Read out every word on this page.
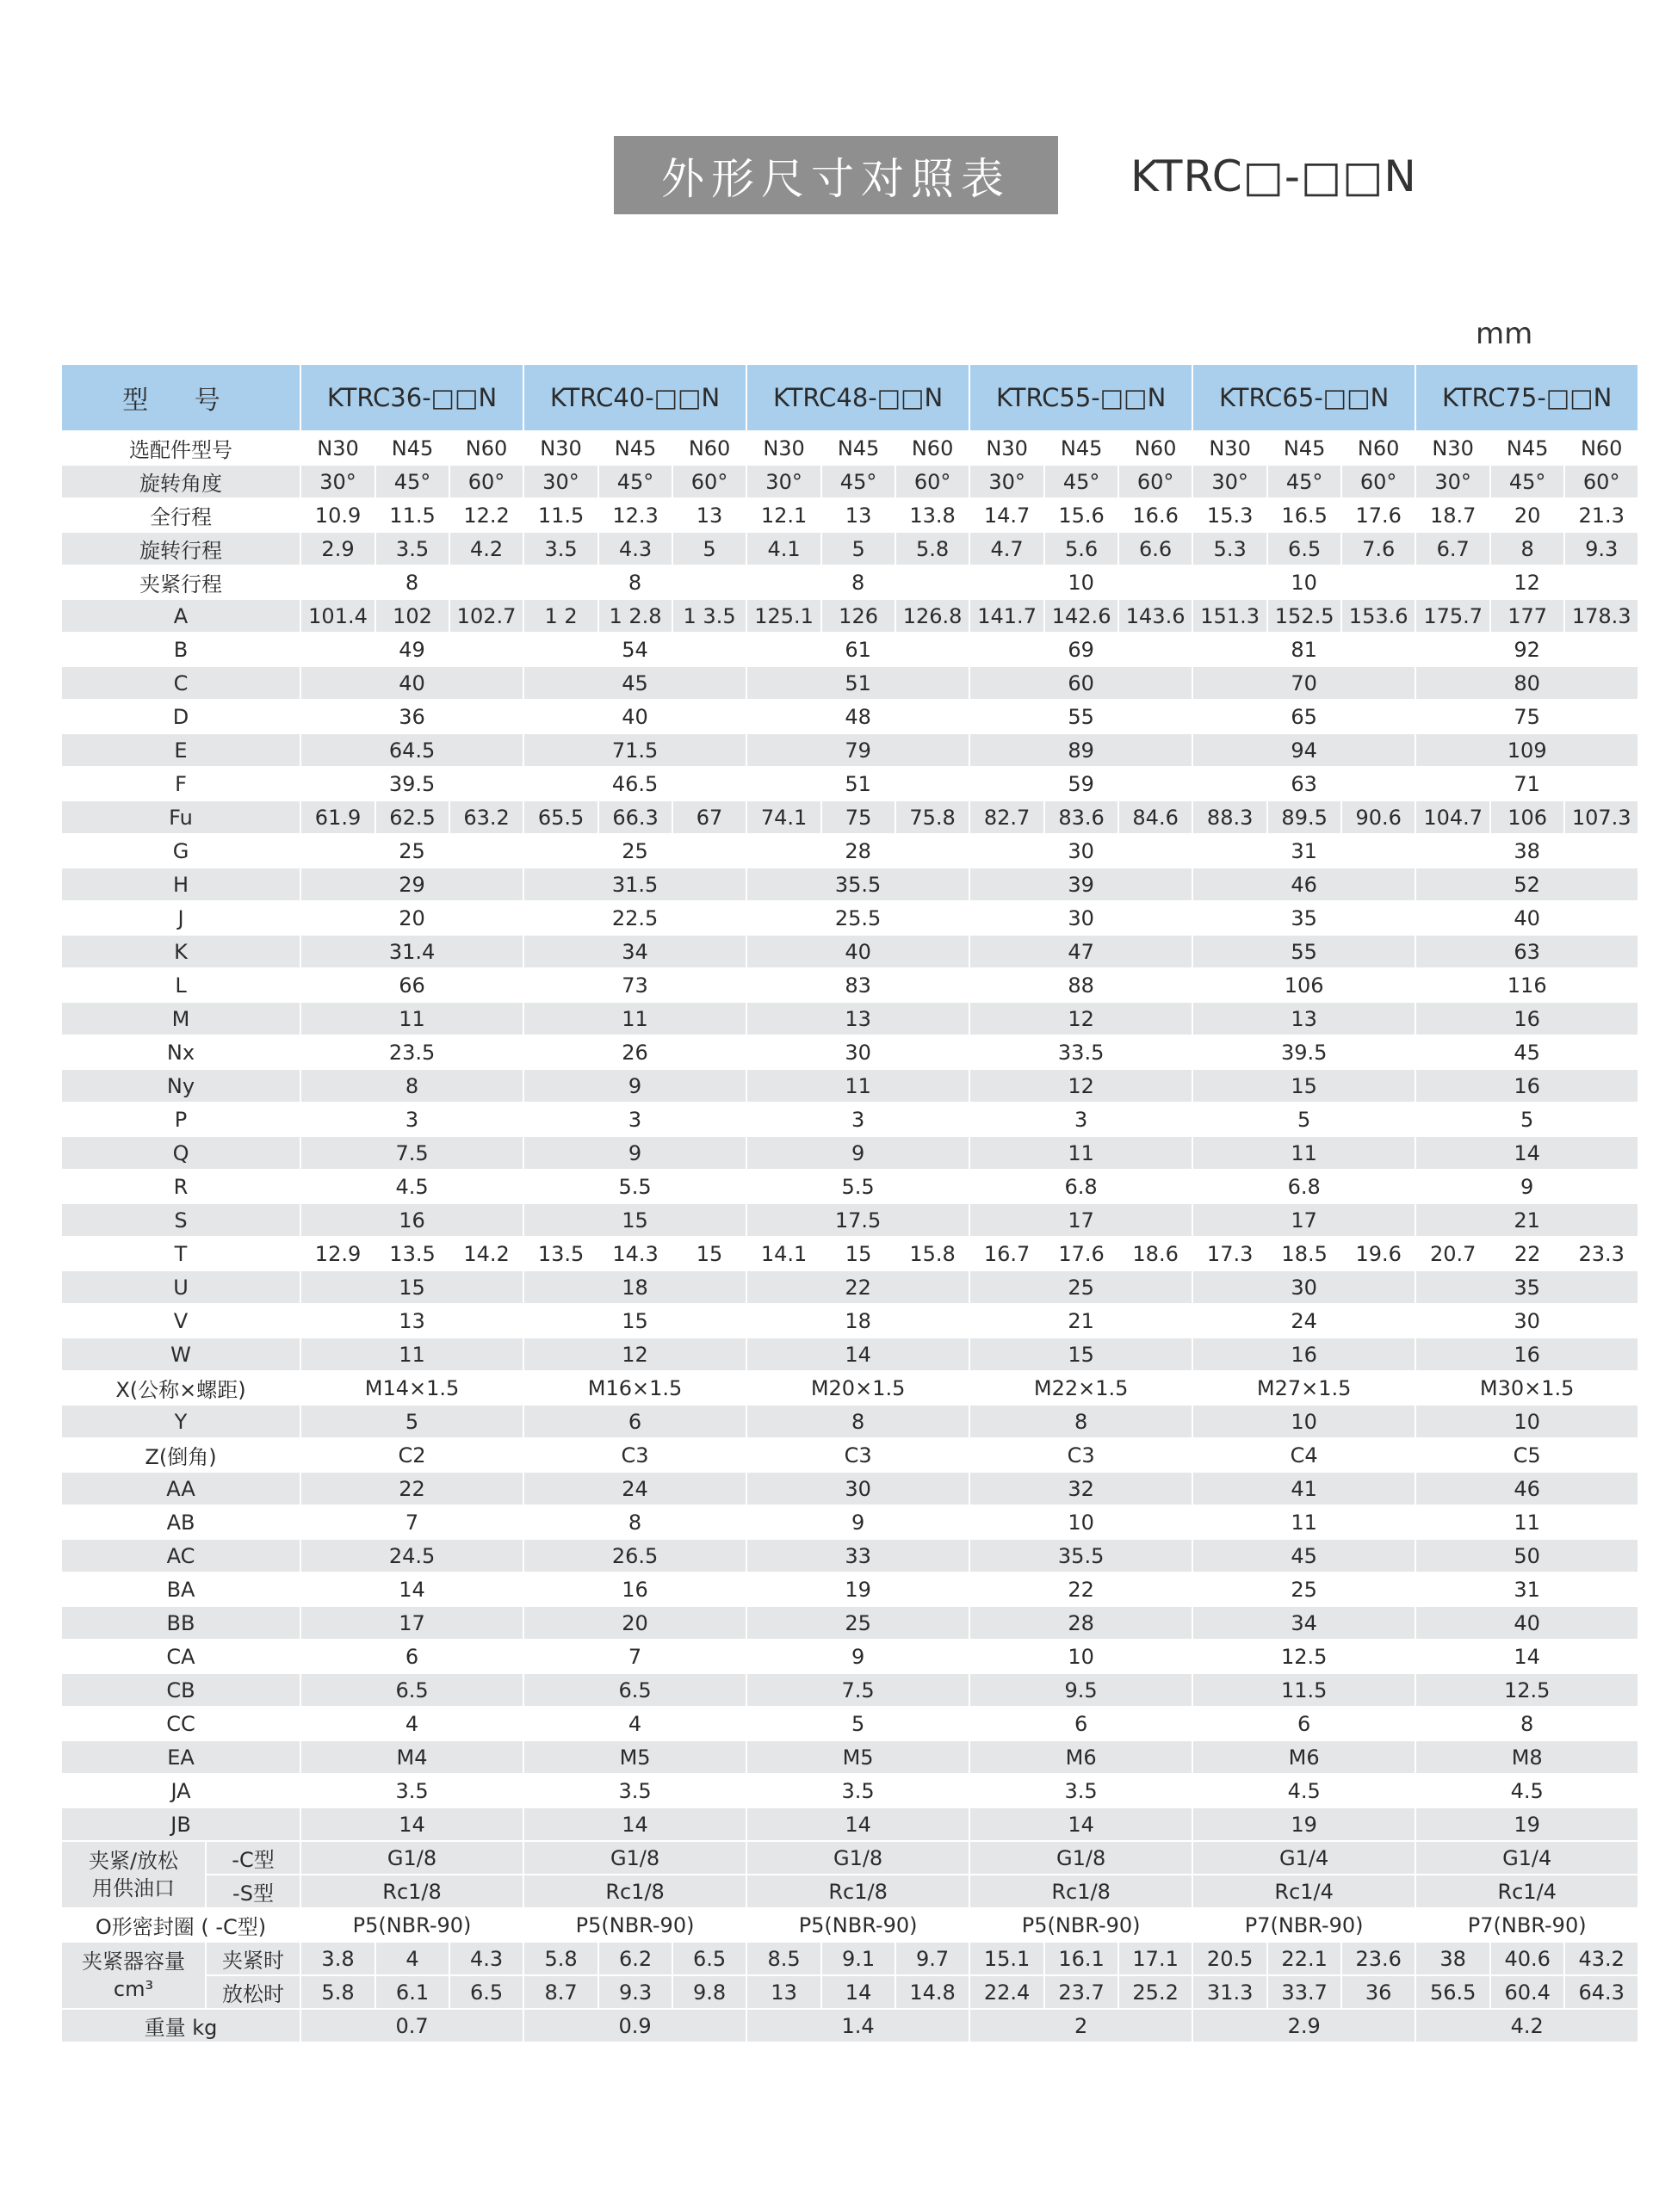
外形尺寸对照表	KTRC□-□□N
mm
型 号		KTRC36-□□N			KTRC40-□□N			KTRC48-□□N			KTRC55-□□N			KTRC65-□□N			KTRC75-□□N		
选配件型号		N30	N45	N60	N30	N45	N60	N30	N45	N60	N30	N45	N60	N30	N45	N60	N30	N45	N60
旋转角度		30°	45°	60°	30°	45°	60°	30°	45°	60°	30°	45°	60°	30°	45°	60°	30°	45°	60°
全行程		10.9	11.5	12.2	11.5	12.3	13	12.1	13	13.8	14.7	15.6	16.6	15.3	16.5	17.6	18.7	20	21.3
旋转行程		2.9	3.5	4.2	3.5	4.3	5	4.1	5	5.8	4.7	5.6	6.6	5.3	6.5	7.6	6.7	8	9.3
夹紧行程		8			8			8			10			10			12		
A		101.4	102	102.7	1 2	1 2.8	1 3.5	125.1	126	126.8	141.7	142.6	143.6	151.3	152.5	153.6	175.7	177	178.3
B		49			54			61			69			81			92		
C		40			45			51			60			70			80		
D		36			40			48			55			65			75		
E		64.5			71.5			79			89			94			109		
F		39.5			46.5			51			59			63			71		
Fu		61.9	62.5	63.2	65.5	66.3	67	74.1	75	75.8	82.7	83.6	84.6	88.3	89.5	90.6	104.7	106	107.3
G		25			25			28			30			31			38		
H		29			31.5			35.5			39			46			52		
J		20			22.5			25.5			30			35			40		
K		31.4			34			40			47			55			63		
L		66			73			83			88			106			116		
M		11			11			13			12			13			16		
Nx		23.5			26			30			33.5			39.5			45		
Ny		8			9			11			12			15			16		
P		3			3			3			3			5			5		
Q		7.5			9			9			11			11			14		
R		4.5			5.5			5.5			6.8			6.8			9		
S		16			15			17.5			17			17			21		
T		12.9	13.5	14.2	13.5	14.3	15	14.1	15	15.8	16.7	17.6	18.6	17.3	18.5	19.6	20.7	22	23.3
U		15			18			22			25			30			35		
V		13			15			18			21			24			30		
W		11			12			14			15			16			16		
X(公称×螺距)		M14×1.5			M16×1.5			M20×1.5			M22×1.5			M27×1.5			M30×1.5		
Y		5			6			8			8			10			10		
Z(倒角)		C2			C3			C3			C3			C4			C5		
AA		22			24			30			32			41			46		
AB		7			8			9			10			11			11		
AC		24.5			26.5			33			35.5			45			50		
BA		14			16			19			22			25			31		
BB		17			20			25			28			34			40		
CA		6			7			9			10			12.5			14		
CB		6.5			6.5			7.5			9.5			11.5			12.5		
CC		4			4			5			6			6			8		
EA		M4			M5			M5			M6			M6			M8		
JA		3.5			3.5			3.5			3.5			4.5			4.5		
JB		14			14			14			14			19			19		
夹紧/放松
用供油口	-C型	G1/8			G1/8			G1/8			G1/8			G1/4			G1/4		
	-S型	Rc1/8			Rc1/8			Rc1/8			Rc1/8			Rc1/4			Rc1/4		
O形密封圈 ( -C型)		P5(NBR-90)			P5(NBR-90)			P5(NBR-90)			P5(NBR-90)			P7(NBR-90)			P7(NBR-90)		
夹紧器容量
cm³	夹紧时	3.8	4	4.3	5.8	6.2	6.5	8.5	9.1	9.7	15.1	16.1	17.1	20.5	22.1	23.6	38	40.6	43.2
	放松时	5.8	6.1	6.5	8.7	9.3	9.8	13	14	14.8	22.4	23.7	25.2	31.3	33.7	36	56.5	60.4	64.3
重量 kg		0.7			0.9			1.4			2			2.9			4.2		
